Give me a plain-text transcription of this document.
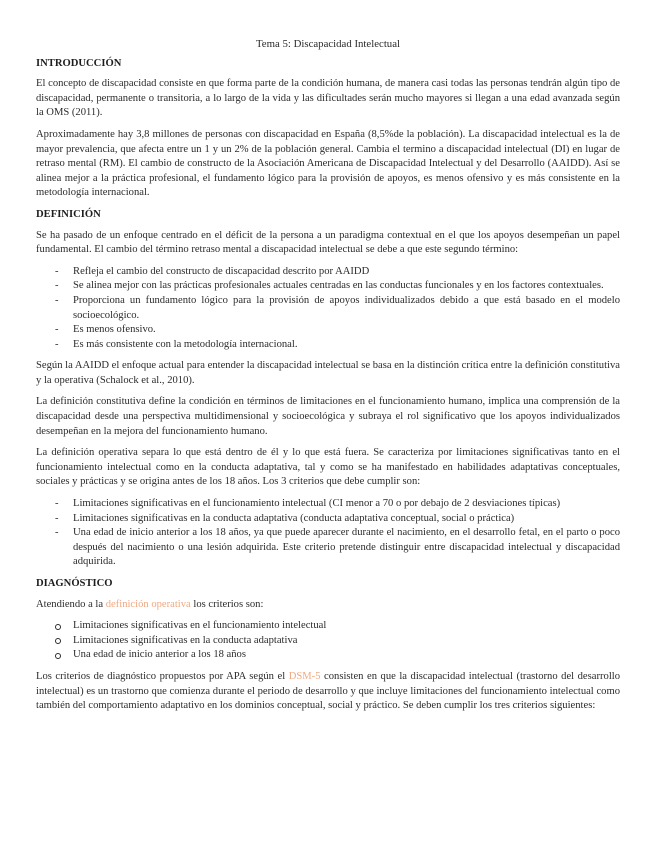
Tema 5: Discapacidad Intelectual
INTRODUCCIÓN

El concepto de discapacidad consiste en que forma parte de la condición humana, de manera casi todas las personas tendrán algún tipo de discapacidad, permanente o transitoria, a lo largo de la vida y las dificultades serán mucho mayores si llegan a una edad avanzada según la OMS (2011).

Aproximadamente hay 3,8 millones de personas con discapacidad en España (8,5%de la población). La discapacidad intelectual es la de mayor prevalencia, que afecta entre un 1 y un 2% de la población general. Cambia el termino a discapacidad intelectual (DI) en lugar de retraso mental (RM). El cambio de constructo de la Asociación Americana de Discapacidad Intelectual y del Desarrollo (AAIDD). Así se alinea mejor a la práctica profesional, el fundamento lógico para la provisión de apoyos, es menos ofensivo y es más consistente en la metodología internacional.

DEFINICIÓN

Se ha pasado de un enfoque centrado en el déficit de la persona a un paradigma contextual en el que los apoyos desempeñan un papel fundamental. El cambio del término retraso mental a discapacidad intelectual se debe a que este segundo término:

- Refleja el cambio del constructo de discapacidad descrito por AAIDD
- Se alinea mejor con las prácticas profesionales actuales centradas en las conductas funcionales y en los factores contextuales.
- Proporciona un fundamento lógico para la provisión de apoyos individualizados debido a que está basado en el modelo socioecológico.
- Es menos ofensivo.
- Es más consistente con la metodología internacional.

Según la AAIDD el enfoque actual para entender la discapacidad intelectual se basa en la distinción crítica entre la definición constitutiva y la operativa (Schalock et al., 2010).

La definición constitutiva define la condición en términos de limitaciones en el funcionamiento humano, implica una comprensión de la discapacidad desde una perspectiva multidimensional y socioecológica y subraya el rol significativo que los apoyos individualizados desempeñan en la mejora del funcionamiento humano.

La definición operativa separa lo que está dentro de él y lo que está fuera. Se caracteriza por limitaciones significativas tanto en el funcionamiento intelectual como en la conducta adaptativa, tal y como se ha manifestado en habilidades adaptativas conceptuales, sociales y prácticas y se origina antes de los 18 años. Los 3 criterios que debe cumplir son:

- Limitaciones significativas en el funcionamiento intelectual (CI menor a 70 o por debajo de 2 desviaciones típicas)
- Limitaciones significativas en la conducta adaptativa (conducta adaptativa conceptual, social o práctica)
- Una edad de inicio anterior a los 18 años, ya que puede aparecer durante el nacimiento, en el desarrollo fetal, en el parto o poco después del nacimiento o una lesión adquirida. Este criterio pretende distinguir entre discapacidad intelectual y discapacidad adquirida.
DIAGNÓSTICO

Atendiendo a la definición operativa los criterios son:

Limitaciones significativas en el funcionamiento intelectual
Limitaciones significativas en la conducta adaptativa
Una edad de inicio anterior a los 18 años

Los criterios de diagnóstico propuestos por APA según el DSM-5 consisten en que la discapacidad intelectual (trastorno del desarrollo intelectual) es un trastorno que comienza durante el periodo de desarrollo y que incluye limitaciones del funcionamiento intelectual como también del comportamiento adaptativo en los dominios conceptual, social y práctico. Se deben cumplir los tres criterios siguientes:
